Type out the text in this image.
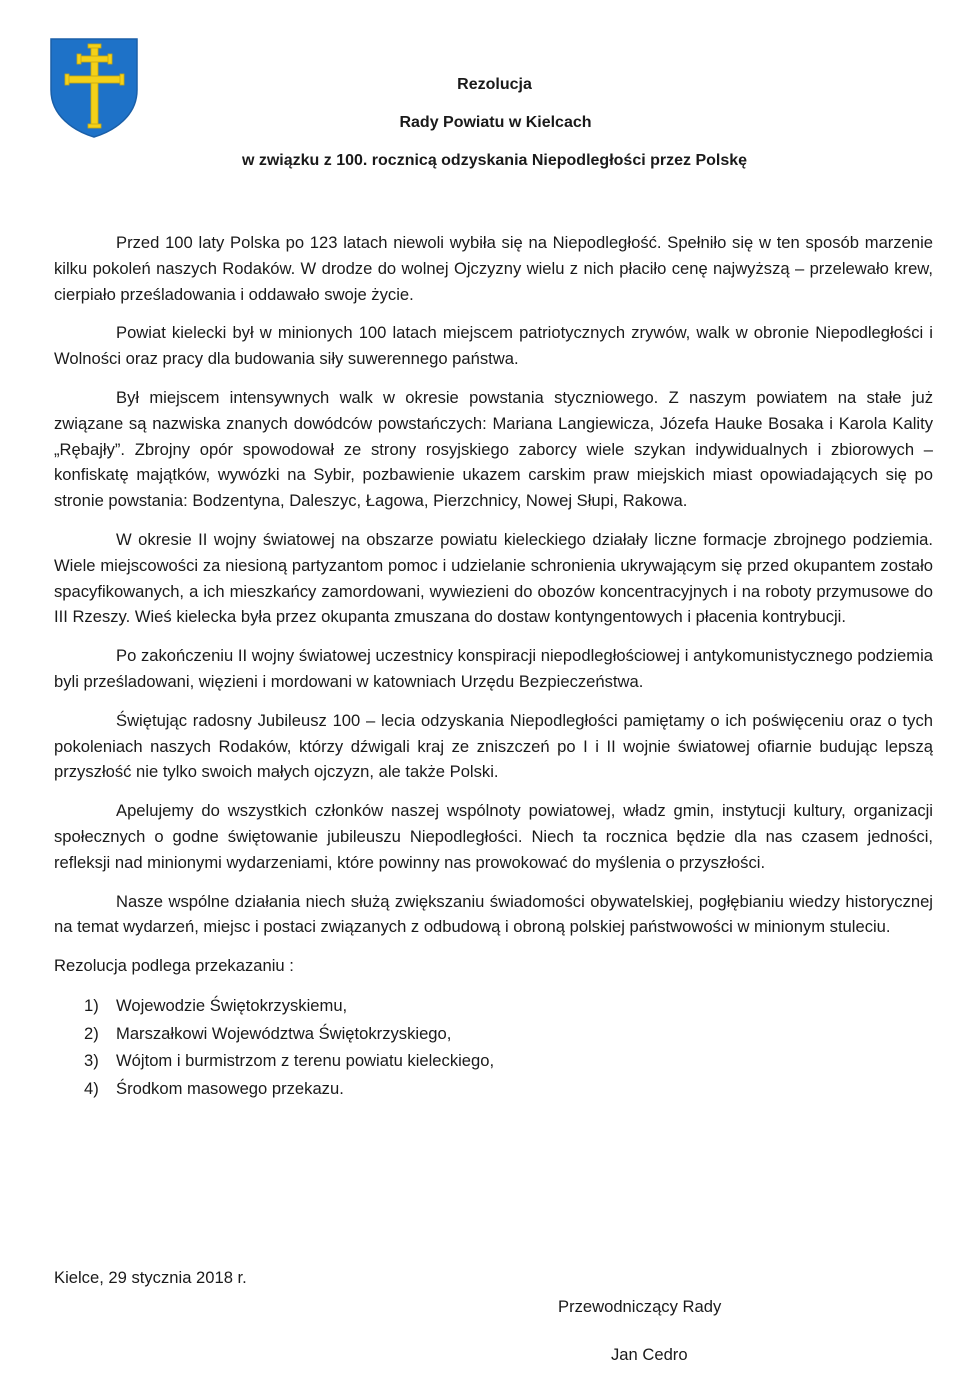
Rezolucja
Rady Powiatu w Kielcach
w związku z 100. rocznicą odzyskania Niepodległości przez Polskę

Przed 100 laty Polska po 123 latach niewoli wybiła się na Niepodległość. Spełniło się w ten sposób marzenie kilku pokoleń naszych Rodaków. W drodze do wolnej Ojczyzny wielu z nich płaciło cenę najwyższą – przelewało krew, cierpiało prześladowania i oddawało swoje życie.

Powiat kielecki był w minionych 100 latach miejscem patriotycznych zrywów, walk w obronie Niepodległości i Wolności oraz pracy dla budowania siły suwerennego państwa.

Był miejscem intensywnych walk w okresie powstania styczniowego. Z naszym powiatem na stałe już związane są nazwiska znanych dowódców powstańczych: Mariana Langiewicza, Józefa Hauke Bosaka i Karola Kality „Rębajły”. Zbrojny opór spowodował ze strony rosyjskiego zaborcy wiele szykan indywidualnych i zbiorowych – konfiskatę majątków, wywózki na Sybir, pozbawienie ukazem carskim praw miejskich miast opowiadających się po stronie powstania: Bodzentyna, Daleszyc, Łagowa, Pierzchnicy, Nowej Słupi, Rakowa.

W okresie II wojny światowej na obszarze powiatu kieleckiego działały liczne formacje zbrojnego podziemia. Wiele miejscowości za niesioną partyzantom pomoc i udzielanie schronienia ukrywającym się przed okupantem zostało spacyfikowanych, a ich mieszkańcy zamordowani, wywiezieni do obozów koncentracyjnych i na roboty przymusowe do III Rzeszy. Wieś kielecka była przez okupanta zmuszana do dostaw kontyngentowych i płacenia kontrybucji.

Po zakończeniu II wojny światowej uczestnicy konspiracji niepodległościowej i antykomunistycznego podziemia byli prześladowani, więzieni i mordowani w katowniach Urzędu Bezpieczeństwa.

Świętując radosny Jubileusz 100 – lecia odzyskania Niepodległości pamiętamy o ich poświęceniu oraz o tych pokoleniach naszych Rodaków, którzy dźwigali kraj ze zniszczeń po I i II wojnie światowej ofiarnie budując lepszą przyszłość nie tylko swoich małych ojczyzn, ale także Polski.

Apelujemy do wszystkich członków naszej wspólnoty powiatowej, władz gmin, instytucji kultury, organizacji społecznych o godne świętowanie jubileuszu Niepodległości. Niech ta rocznica będzie dla nas czasem jedności, refleksji nad minionymi wydarzeniami, które powinny nas prowokować do myślenia o przyszłości.

Nasze wspólne działania niech służą zwiększaniu świadomości obywatelskiej, pogłębianiu wiedzy historycznej na temat wydarzeń, miejsc i postaci związanych z odbudową i obroną polskiej państwowości w minionym stuleciu.

Rezolucja podlega przekazaniu :

1) Wojewodzie Świętokrzyskiemu,
2) Marszałkowi Województwa Świętokrzyskiego,
3) Wójtom i burmistrzom z terenu powiatu kieleckiego,
4) Środkom masowego przekazu.
Kielce, 29 stycznia 2018 r.
Przewodniczący Rady
Jan Cedro
